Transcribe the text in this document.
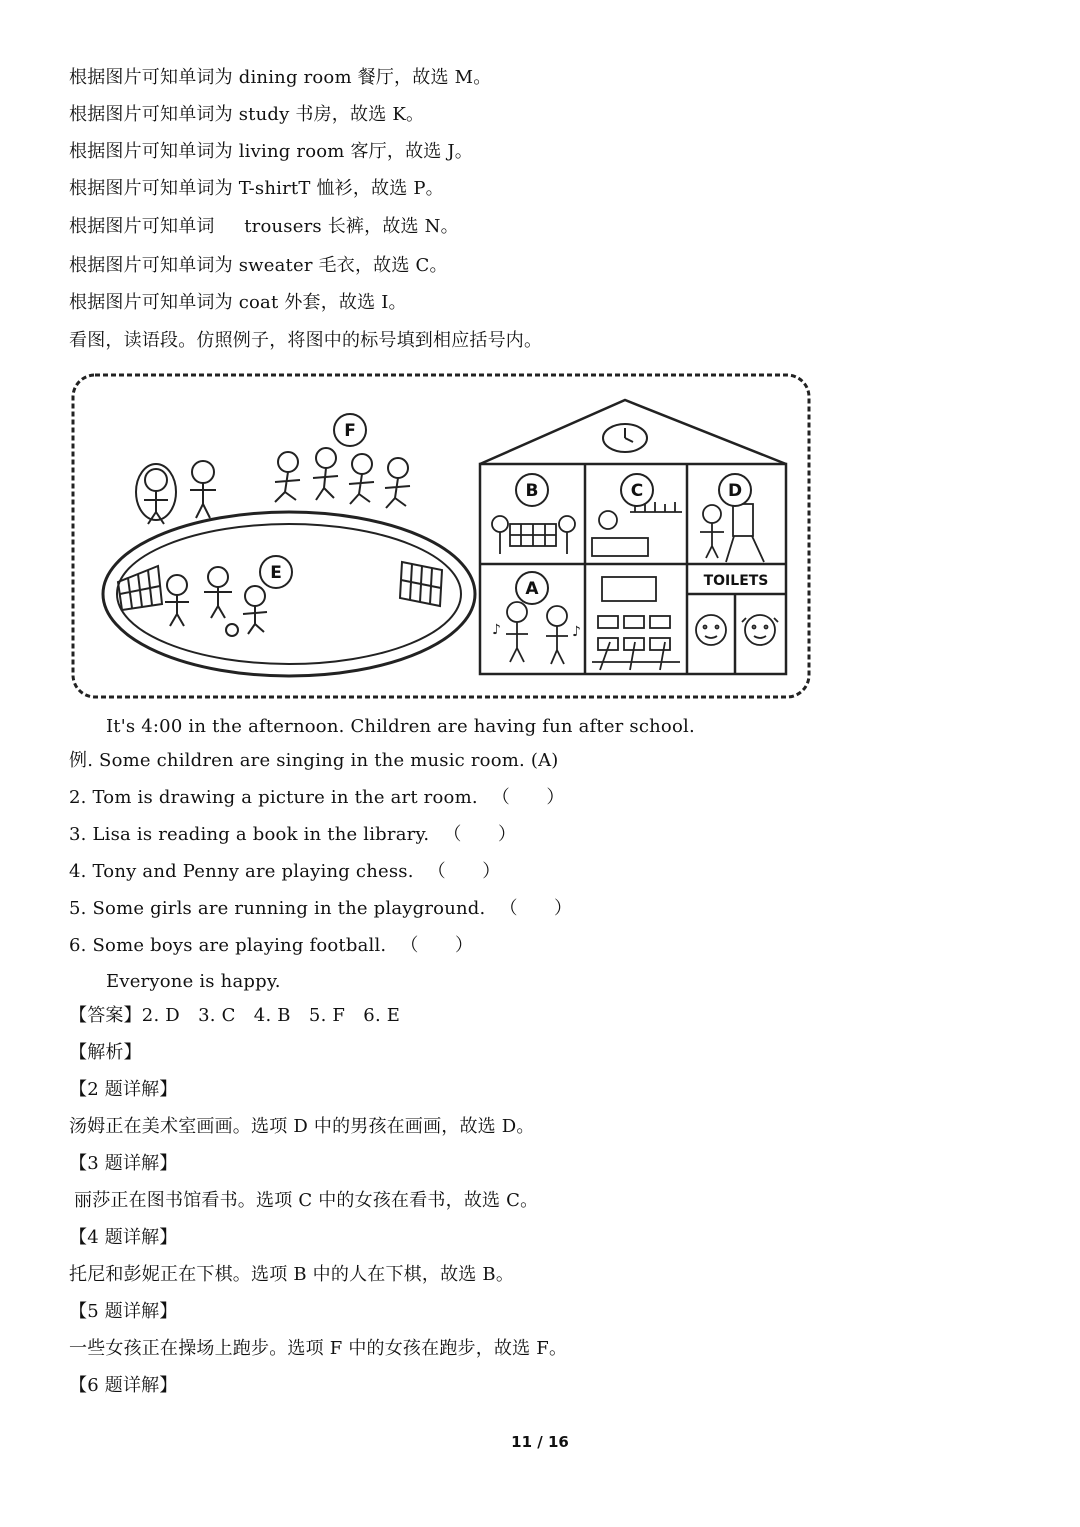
根据图片可知单词为 dining room 餐厅，故选 M。
根据图片可知单词为 study 书房，故选 K。
根据图片可知单词为 living room 客厅，故选 J。
根据图片可知单词为 T-shirtT 恤衫，故选 P。
根据图片可知单词     trousers 长裤，故选 N。
根据图片可知单词为 sweater 毛衣，故选 C。
根据图片可知单词为 coat 外套，故选 I。
看图，读语段。仿照例子，将图中的标号填到相应括号内。
♪	♪
F
E
B	C	D
A	TOILETS
It's 4:00 in the afternoon. Children are having fun after school.
例. Some children are singing in the music room. (A)
2. Tom is drawing a picture in the art room. （　　）
3. Lisa is reading a book in the library. （　　）
4. Tony and Penny are playing chess. （　　）
5. Some girls are running in the playground. （　　）
6. Some boys are playing football. （　　）
Everyone is happy.
【答案】2. D　3. C　4. B　5. F　6. E
【解析】
【2 题详解】
汤姆正在美术室画画。选项 D 中的男孩在画画，故选 D。
【3 题详解】
丽莎正在图书馆看书。选项 C 中的女孩在看书，故选 C。
【4 题详解】
托尼和彭妮正在下棋。选项 B 中的人在下棋，故选 B。
【5 题详解】
一些女孩正在操场上跑步。选项 F 中的女孩在跑步，故选 F。
【6 题详解】
11 / 16
